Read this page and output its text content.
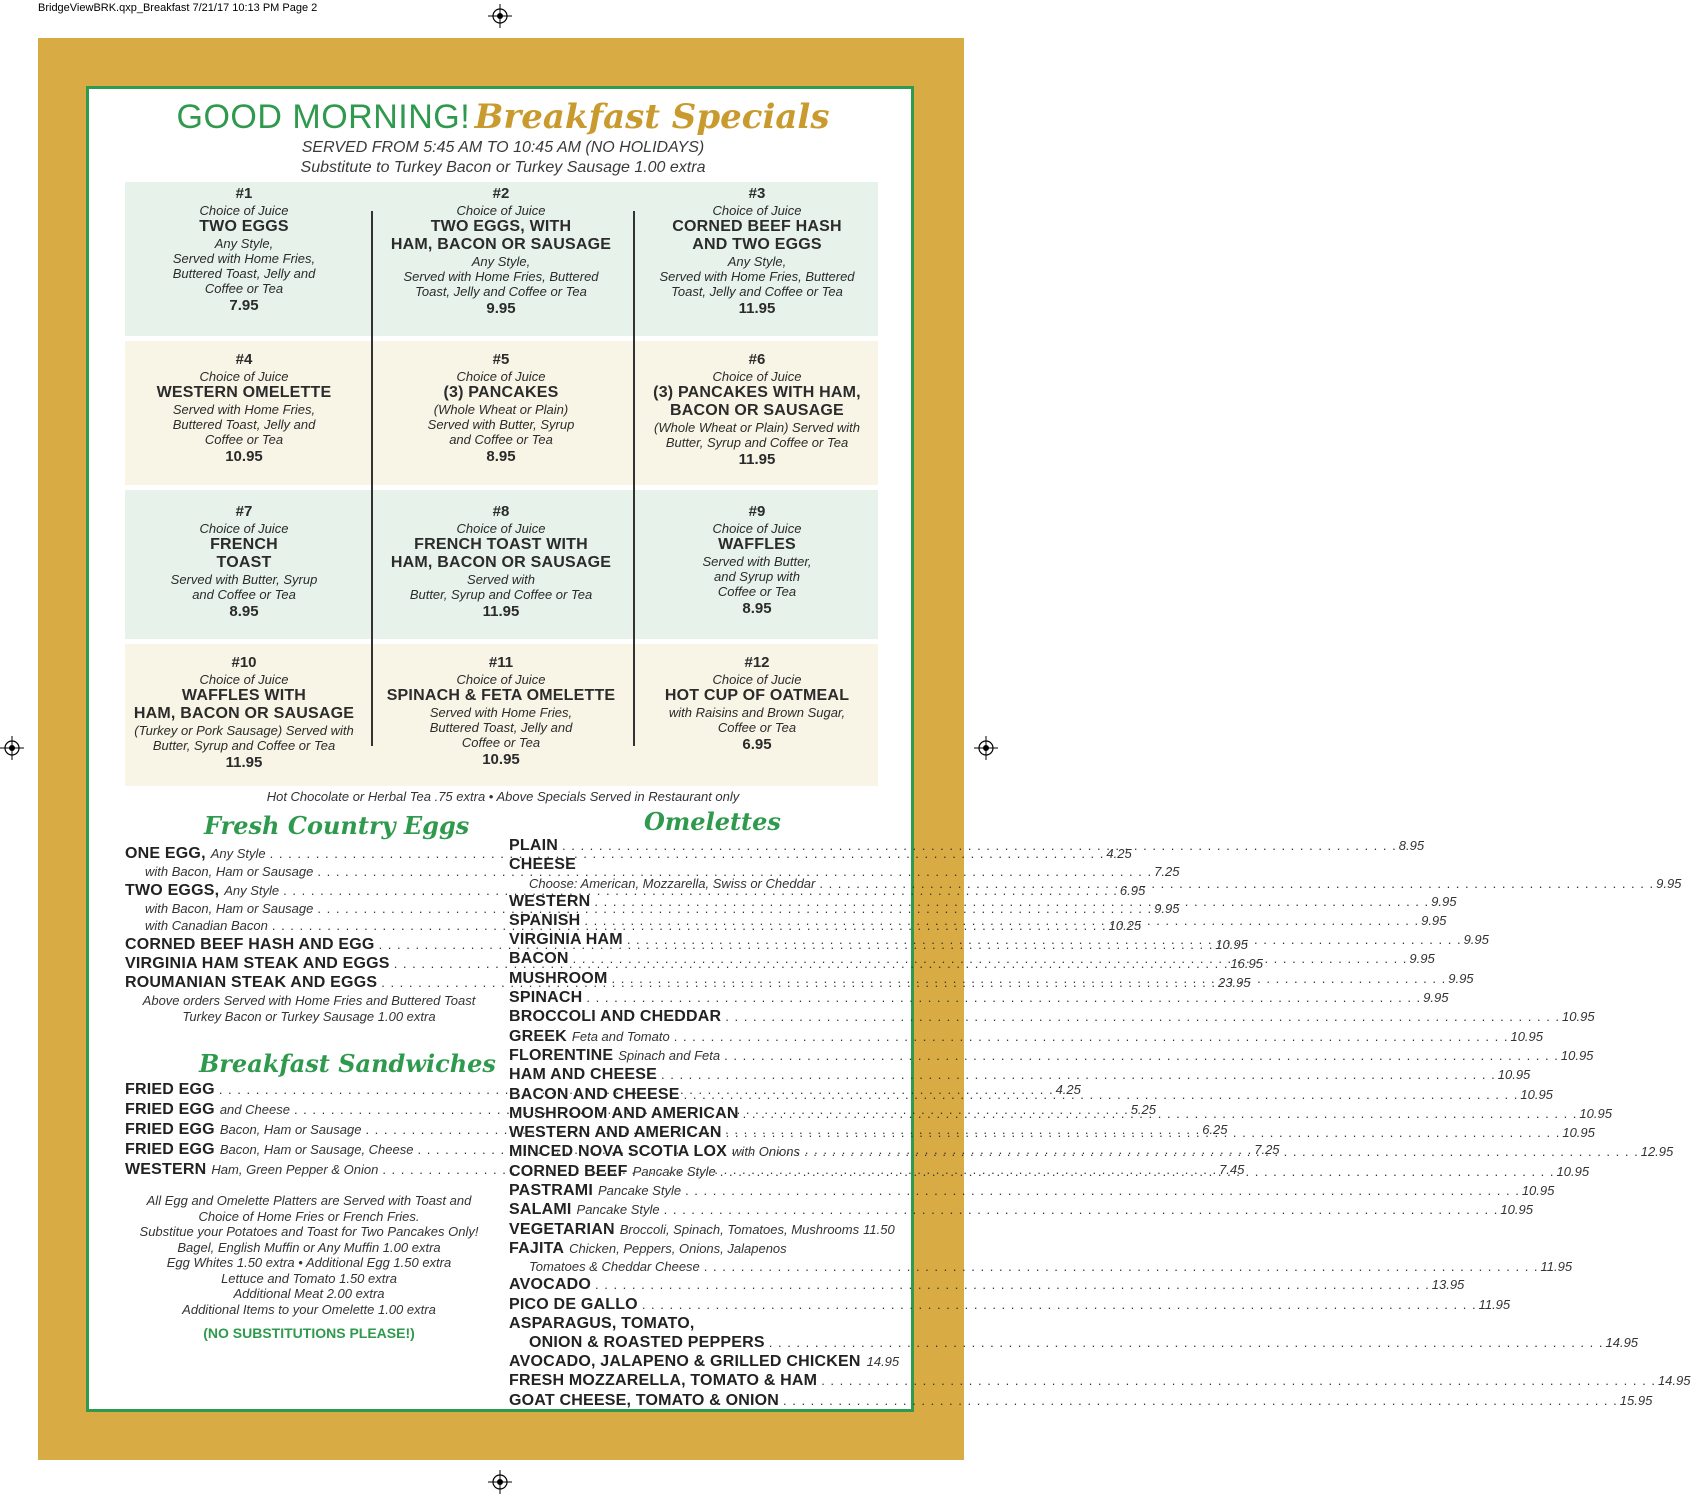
BridgeViewBRK.qxp_Breakfast 7/21/17 10:13 PM Page 2
GOOD MORNING! Breakfast Specials
SERVED FROM 5:45 AM TO 10:45 AM (NO HOLIDAYS)
Substitute to Turkey Bacon or Turkey Sausage 1.00 extra
#1
Choice of Juice
TWO EGGS
Any Style,
Served with Home Fries,
Buttered Toast, Jelly and
Coffee or Tea
7.95
#2
Choice of Juice
TWO EGGS, WITH
HAM, BACON OR SAUSAGE
Any Style,
Served with Home Fries, Buttered
Toast, Jelly and Coffee or Tea
9.95
#3
Choice of Juice
CORNED BEEF HASH
AND TWO EGGS
Any Style,
Served with Home Fries, Buttered
Toast, Jelly and Coffee or Tea
11.95
#4
Choice of Juice
WESTERN OMELETTE
Served with Home Fries,
Buttered Toast, Jelly and
Coffee or Tea
10.95
#5
Choice of Juice
(3) PANCAKES
(Whole Wheat or Plain)
Served with Butter, Syrup
and Coffee or Tea
8.95
#6
Choice of Juice
(3) PANCAKES WITH HAM,
BACON OR SAUSAGE
(Whole Wheat or Plain) Served with
Butter, Syrup and Coffee or Tea
11.95
#7
Choice of Juice
FRENCH
TOAST
Served with Butter, Syrup
and Coffee or Tea
8.95
#8
Choice of Juice
FRENCH TOAST WITH
HAM, BACON OR SAUSAGE
Served with
Butter, Syrup and Coffee or Tea
11.95
#9
Choice of Juice
WAFFLES
Served with Butter,
and Syrup with
Coffee or Tea
8.95
#10
Choice of Juice
WAFFLES WITH
HAM, BACON OR SAUSAGE
(Turkey or Pork Sausage) Served with
Butter, Syrup and Coffee or Tea
11.95
#11
Choice of Juice
SPINACH & FETA OMELETTE
Served with Home Fries,
Buttered Toast, Jelly and
Coffee or Tea
10.95
#12
Choice of Jucie
HOT CUP OF OATMEAL
with Raisins and Brown Sugar,
Coffee or Tea
6.95
Hot Chocolate or Herbal Tea .75 extra • Above Specials Served in Restaurant only
Fresh Country Eggs
ONE EGG, Any Style . . .	4.25
with Bacon, Ham or Sausage . . .	7.25
TWO EGGS, Any Style . . .	6.95
with Bacon, Ham or Sausage . . .	9.95
with Canadian Bacon . . .	10.25
CORNED BEEF HASH AND EGG . . .	10.95
VIRGINIA HAM STEAK AND EGGS . . .	16.95
ROUMANIAN STEAK AND EGGS . . .	23.95
Above orders Served with Home Fries and Buttered Toast
Turkey Bacon or Turkey Sausage 1.00 extra
Breakfast Sandwiches
FRIED EGG . . .	4.25
FRIED EGG and Cheese . . .	5.25
FRIED EGG Bacon, Ham or Sausage . . .	6.25
FRIED EGG Bacon, Ham or Sausage, Cheese . . .	7.25
WESTERN Ham, Green Pepper & Onion . . .	7.45
All Egg and Omelette Platters are Served with Toast and
Choice of Home Fries or French Fries.
Substitue your Potatoes and Toast for Two Pancakes Only!
Bagel, English Muffin or Any Muffin 1.00 extra
Egg Whites 1.50 extra • Additional Egg 1.50 extra
Lettuce and Tomato 1.50 extra
Additional Meat 2.00 extra
Additional Items to your Omelette 1.00 extra
(NO SUBSTITUTIONS PLEASE!)
Omelettes
PLAIN . . .	8.95
CHEESE
Choose: American, Mozzarella, Swiss or Cheddar . . .	9.95
WESTERN . . .	9.95
SPANISH . . .	9.95
VIRGINIA HAM . . .	9.95
BACON . . .	9.95
MUSHROOM . . .	9.95
SPINACH . . .	9.95
BROCCOLI AND CHEDDAR . . .	10.95
GREEK Feta and Tomato . . .	10.95
FLORENTINE Spinach and Feta . . .	10.95
HAM AND CHEESE . . .	10.95
BACON AND CHEESE . . .	10.95
MUSHROOM AND AMERICAN . . .	10.95
WESTERN AND AMERICAN . . .	10.95
MINCED NOVA SCOTIA LOX with Onions . . .	12.95
CORNED BEEF Pancake Style . . .	10.95
PASTRAMI Pancake Style . . .	10.95
SALAMI Pancake Style . . .	10.95
VEGETARIAN Broccoli, Spinach, Tomatoes, Mushrooms 11.50
FAJITA Chicken, Peppers, Onions, Jalapenos
Tomatoes & Cheddar Cheese . . .	11.95
AVOCADO . . .	13.95
PICO DE GALLO . . .	11.95
ASPARAGUS, TOMATO,
ONION & ROASTED PEPPERS . . .	14.95
AVOCADO, JALAPENO & GRILLED CHICKEN 14.95
FRESH MOZZARELLA, TOMATO & HAM . . .	14.95
GOAT CHEESE, TOMATO & ONION . . .	15.95
